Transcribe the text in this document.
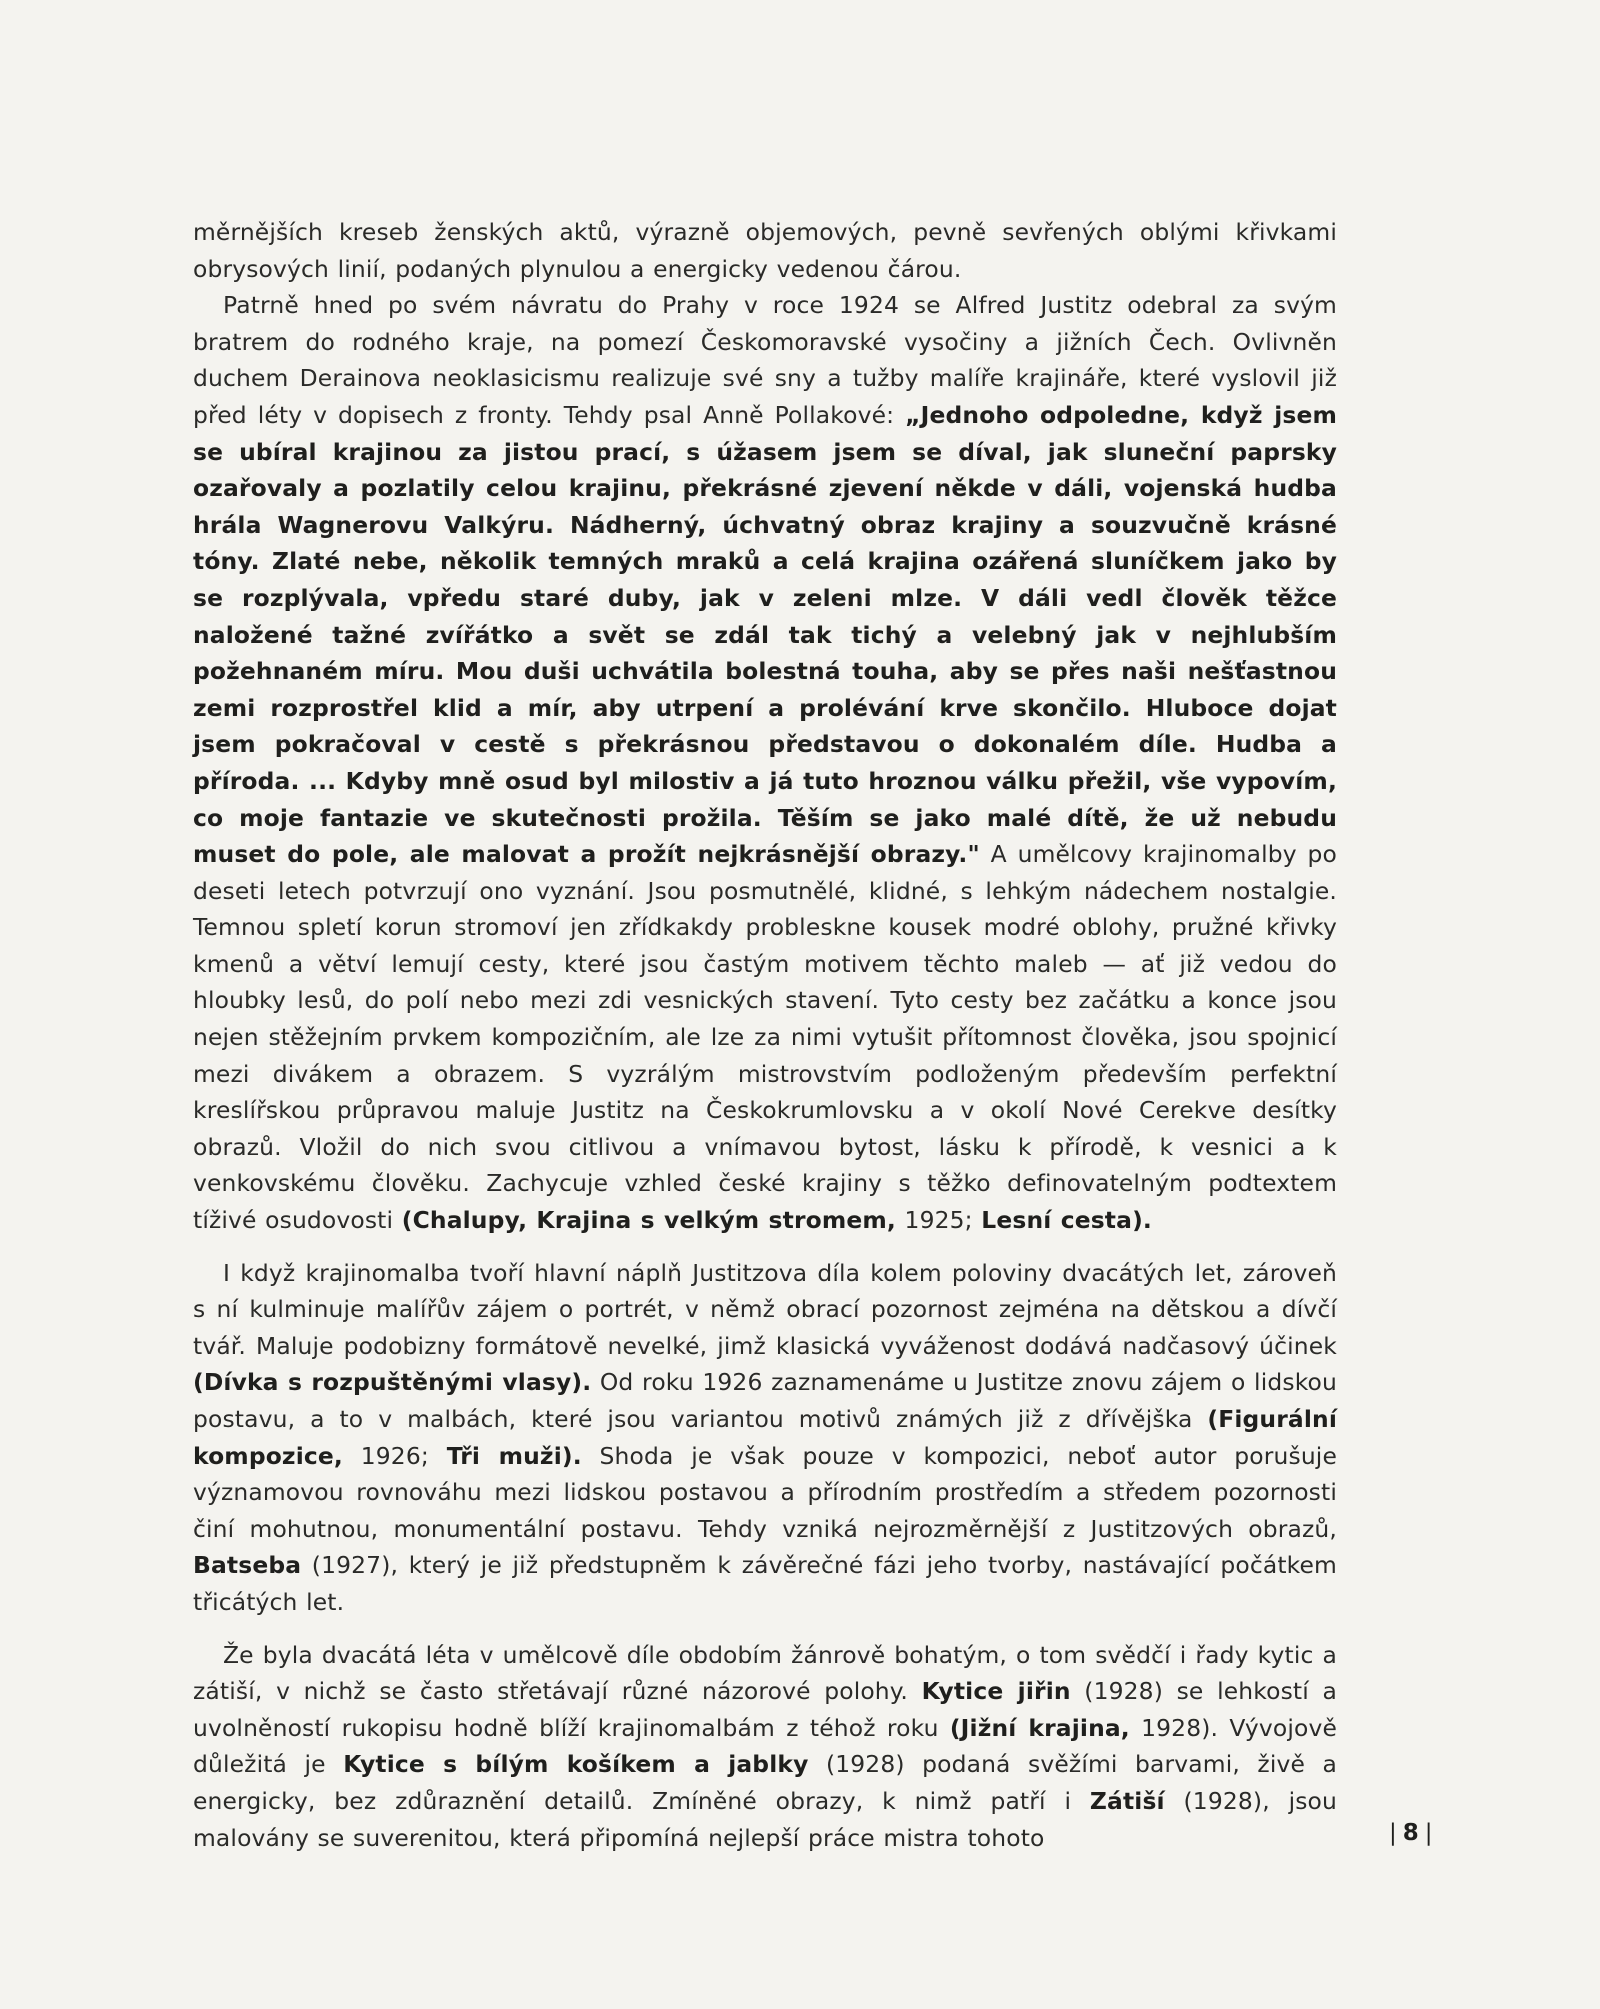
měrnějších kreseb ženských aktů, výrazně objemových, pevně sevřených oblými křivkami obrysových linií, podaných plynulou a energicky vedenou čárou.

Patrně hned po svém návratu do Prahy v roce 1924 se Alfred Justitz odebral za svým bratrem do rodného kraje, na pomezí Českomoravské vysočiny a jižních Čech. Ovlivněn duchem Derainova neoklasicismu realizuje své sny a tužby malíře krajináře, které vyslovil již před léty v dopisech z fronty. Tehdy psal Anně Pollakové: „Jednoho odpoledne, když jsem se ubíral krajinou za jistou prací, s úžasem jsem se díval, jak sluneční paprsky ozařovaly a pozlatily celou krajinu, překrásné zjevení někde v dáli, vojenská hudba hrála Wagnerovu Valkýru. Nádherný, úchvatný obraz krajiny a souzvučně krásné tóny. Zlaté nebe, několik temných mraků a celá krajina ozářená sluníčkem jako by se rozplývala, vpředu staré duby, jak v zeleni mlze. V dáli vedl člověk těžce naložené tažné zvířátko a svět se zdál tak tichý a velebný jak v nejhlubším požehnaném míru. Mou duši uchvátila bolestná touha, aby se přes naši nešťastnou zemi rozprostřel klid a mír, aby utrpení a prolévání krve skončilo. Hluboce dojat jsem pokračoval v cestě s překrásnou představou o dokonalém díle. Hudba a příroda. ... Kdyby mně osud byl milostiv a já tuto hroznou válku přežil, vše vypovím, co moje fantazie ve skutečnosti prožila. Těším se jako malé dítě, že už nebudu muset do pole, ale malovat a prožít nejkrásnější obrazy." A umělcovy krajinomalby po deseti letech potvrzují ono vyznání. Jsou posmutnělé, klidné, s lehkým nádechem nostalgie. Temnou spletí korun stromoví jen zřídkakdy probleskne kousek modré oblohy, pružné křivky kmenů a větví lemují cesty, které jsou častým motivem těchto maleb — ať již vedou do hloubky lesů, do polí nebo mezi zdi vesnických stavení. Tyto cesty bez začátku a konce jsou nejen stěžejním prvkem kompozičním, ale lze za nimi vytušit přítomnost člověka, jsou spojnicí mezi divákem a obrazem. S vyzrálým mistrovstvím podloženým především perfektní kreslířskou průpravou maluje Justitz na Českokrumlovsku a v okolí Nové Cerekve desítky obrazů. Vložil do nich svou citlivou a vnímavou bytost, lásku k přírodě, k vesnici a k venkovskému člověku. Zachycuje vzhled české krajiny s těžko definovatelným podtextem tíživé osudovosti (Chalupy, Krajina s velkým stromem, 1925; Lesní cesta).

I když krajinomalba tvoří hlavní náplň Justitzova díla kolem poloviny dvacátých let, zároveň s ní kulminuje malířův zájem o portrét, v němž obrací pozornost zejména na dětskou a dívčí tvář. Maluje podobizny formátově nevelké, jimž klasická vyváženost dodává nadčasový účinek (Dívka s rozpuštěnými vlasy). Od roku 1926 zaznamenáme u Justitze znovu zájem o lidskou postavu, a to v malbách, které jsou variantou motivů známých již z dřívějška (Figurální kompozice, 1926; Tři muži). Shoda je však pouze v kompozici, neboť autor porušuje významovou rovnováhu mezi lidskou postavou a přírodním prostředím a středem pozornosti činí mohutnou, monumentální postavu. Tehdy vzniká nejrozměrnější z Justitzových obrazů, Batseba (1927), který je již předstupněm k závěrečné fázi jeho tvorby, nastávající počátkem třicátých let.

Že byla dvacátá léta v umělcově díle obdobím žánrově bohatým, o tom svědčí i řady kytic a zátiší, v nichž se často střetávají různé názorové polohy. Kytice jiřin (1928) se lehkostí a uvolněností rukopisu hodně blíží krajinomalbám z téhož roku (Jižní krajina, 1928). Vývojově důležitá je Kytice s bílým košíkem a jablky (1928) podaná svěžími barvami, živě a energicky, bez zdůraznění detailů. Zmíněné obrazy, k nimž patří i Zátiší (1928), jsou malovány se suverenitou, která připomíná nejlepší práce mistra tohoto	| 8 |
